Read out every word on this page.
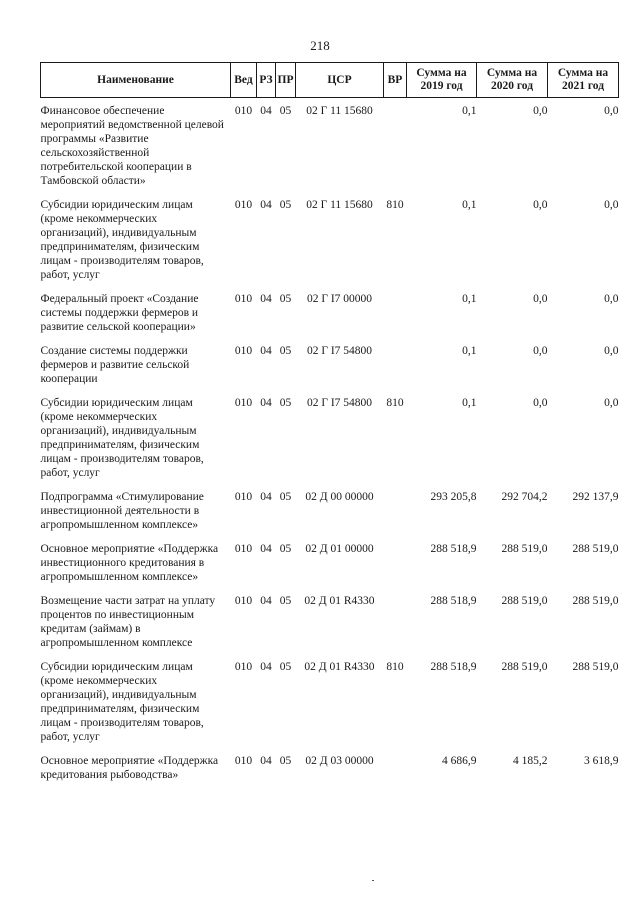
218
Наименование	Вед	РЗ	ПР	ЦСР	ВР	Сумма на 2019 год	Сумма на 2020 год	Сумма на 2021 год
Финансовое обеспечение мероприятий ведомственной целевой программы «Развитие сельскохозяйственной потребительской кооперации в Тамбовской области»	010	04	05	02 Г 11 15680		0,1	0,0	0,0
Субсидии юридическим лицам (кроме некоммерческих организаций), индивидуальным предпринимателям, физическим лицам - производителям товаров, работ, услуг	010	04	05	02 Г 11 15680	810	0,1	0,0	0,0
Федеральный проект «Создание системы поддержки фермеров и развитие сельской кооперации»	010	04	05	02 Г I7 00000		0,1	0,0	0,0
Создание системы поддержки фермеров и развитие сельской кооперации	010	04	05	02 Г I7 54800		0,1	0,0	0,0
Субсидии юридическим лицам (кроме некоммерческих организаций), индивидуальным предпринимателям, физическим лицам - производителям товаров, работ, услуг	010	04	05	02 Г I7 54800	810	0,1	0,0	0,0
Подпрограмма «Стимулирование инвестиционной деятельности в агропромышленном комплексе»	010	04	05	02 Д 00 00000		293 205,8	292 704,2	292 137,9
Основное мероприятие «Поддержка инвестиционного кредитования в агропромышленном комплексе»	010	04	05	02 Д 01 00000		288 518,9	288 519,0	288 519,0
Возмещение части затрат на уплату процентов по инвестиционным кредитам (займам) в агропромышленном комплексе	010	04	05	02 Д 01 R4330		288 518,9	288 519,0	288 519,0
Субсидии юридическим лицам (кроме некоммерческих организаций), индивидуальным предпринимателям, физическим лицам - производителям товаров, работ, услуг	010	04	05	02 Д 01 R4330	810	288 518,9	288 519,0	288 519,0
Основное мероприятие «Поддержка кредитования рыбоводства»	010	04	05	02 Д 03 00000		4 686,9	4 185,2	3 618,9
